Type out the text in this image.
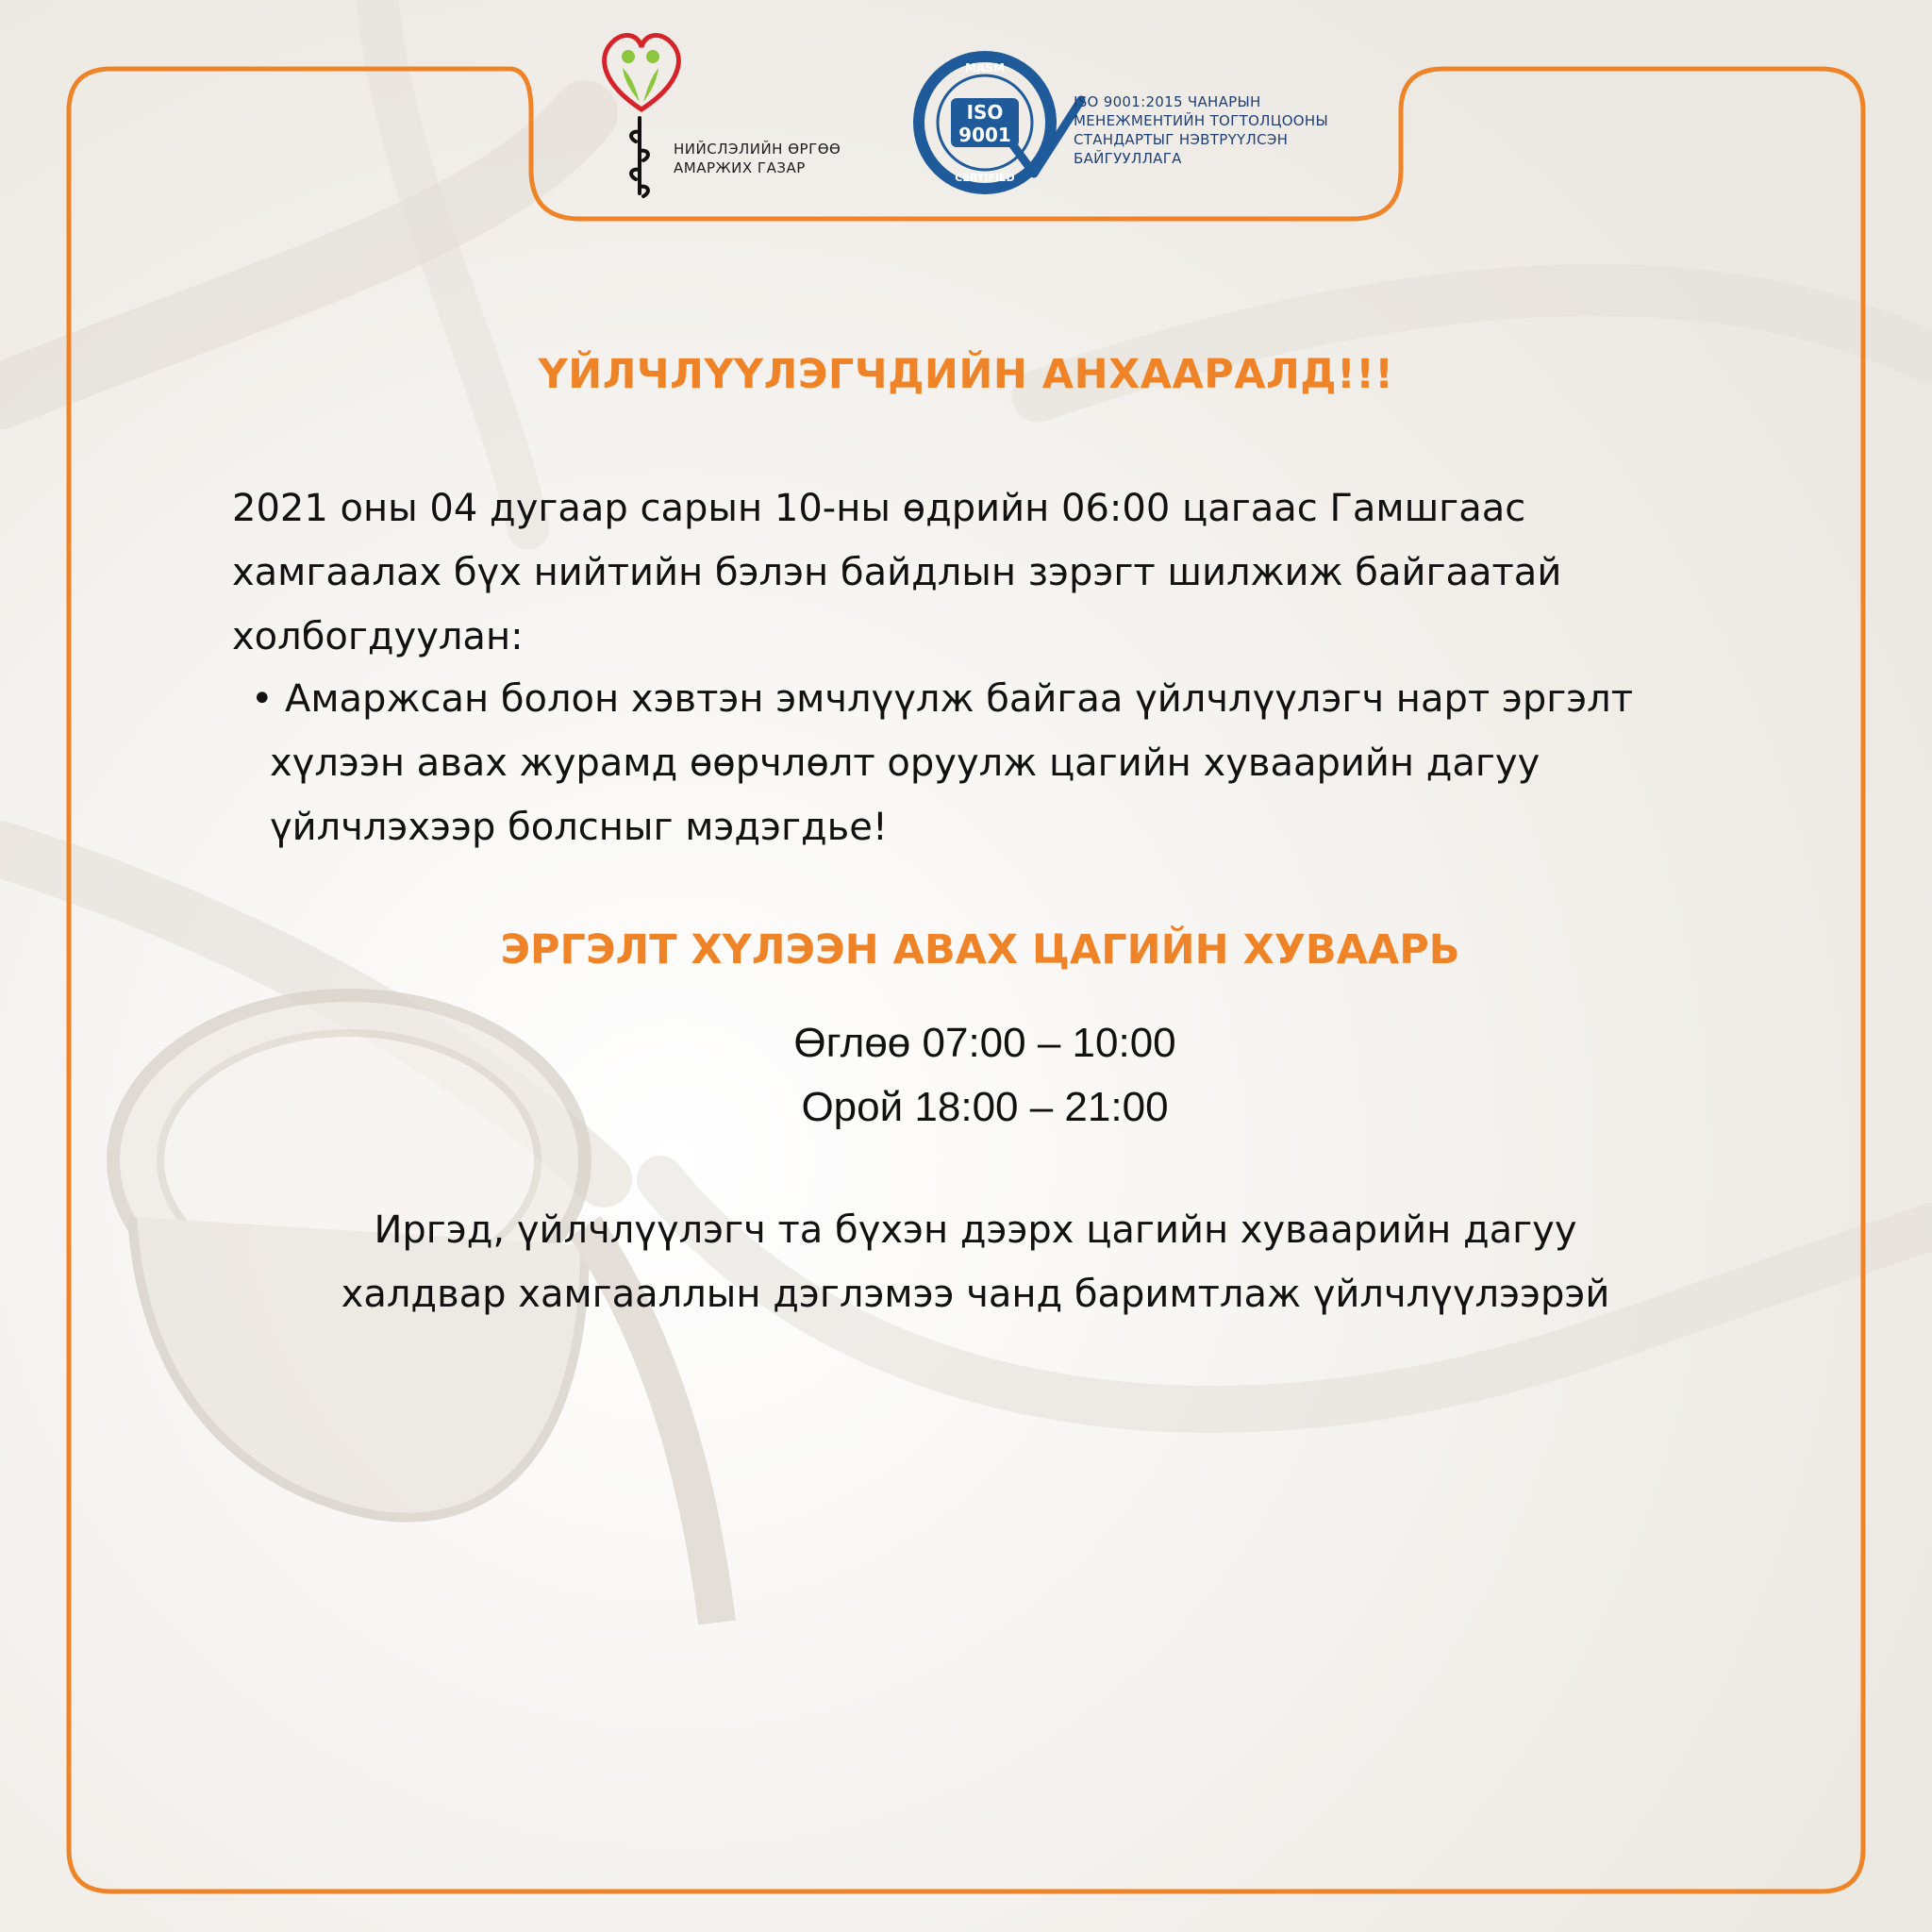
НИЙСЛЭЛИЙН ӨРГӨӨ
АМАРЖИХ ГАЗАР
ISO
9001
MASM
CERTIFIED
ISO 9001:2015 ЧАНАРЫН
МЕНЕЖМЕНТИЙН ТОГТОЛЦООНЫ
СТАНДАРТЫГ НЭВТРҮҮЛСЭН
БАЙГУУЛЛАГА
ҮЙЛЧЛҮҮЛЭГЧДИЙН АНХААРАЛД!!!

2021 оны 04 дугаар сарын 10-ны өдрийн 06:00 цагаас Гамшгаас

хамгаалах бүх нийтийн бэлэн байдлын зэрэгт шилжиж байгаатай

холбогдуулан:

• Амаржсан болон хэвтэн эмчлүүлж байгаа үйлчлүүлэгч нарт эргэлт
хүлээн авах журамд өөрчлөлт оруулж цагийн хуваарийн дагуу
үйлчлэхээр болсныг мэдэгдье!
ЭРГЭЛТ ХҮЛЭЭН АВАХ ЦАГИЙН ХУВААРЬ
Өглөө 07:00 – 10:00
Орой 18:00 – 21:00
Иргэд, үйлчлүүлэгч та бүхэн дээрх цагийн хуваарийн дагуу
халдвар хамгааллын дэглэмээ чанд баримтлаж үйлчлүүлээрэй
